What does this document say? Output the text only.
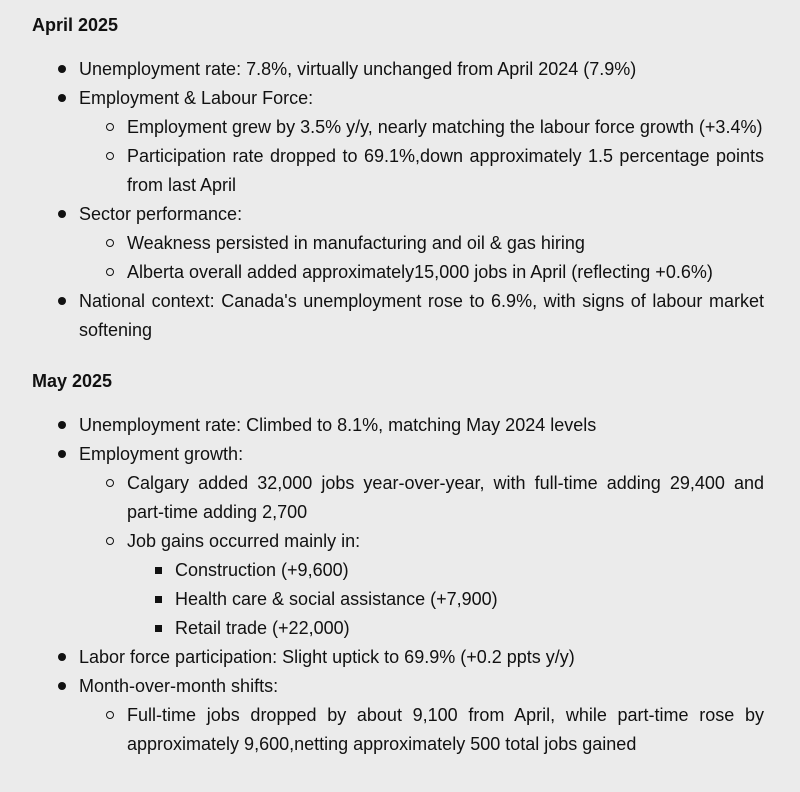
April 2025
Unemployment rate: 7.8%, virtually unchanged from April 2024 (7.9%)
Employment & Labour Force:
Employment grew by 3.5% y/y, nearly matching the labour force growth (+3.4%)
Participation rate dropped to 69.1%,down approximately 1.5 percentage points from last April
Sector performance:
Weakness persisted in manufacturing and oil & gas hiring
Alberta overall added approximately15,000 jobs in April (reflecting +0.6%)
National context: Canada's unemployment rose to 6.9%, with signs of labour market softening
May 2025
Unemployment rate: Climbed to 8.1%, matching May 2024 levels
Employment growth:
Calgary added 32,000 jobs year-over-year, with full-time adding 29,400 and part-time adding 2,700
Job gains occurred mainly in:
Construction (+9,600)
Health care & social assistance (+7,900)
Retail trade (+22,000)
Labor force participation: Slight uptick to 69.9% (+0.2 ppts y/y)
Month-over-month shifts:
Full-time jobs dropped by about 9,100 from April, while part-time rose by approximately 9,600,netting approximately 500 total jobs gained
